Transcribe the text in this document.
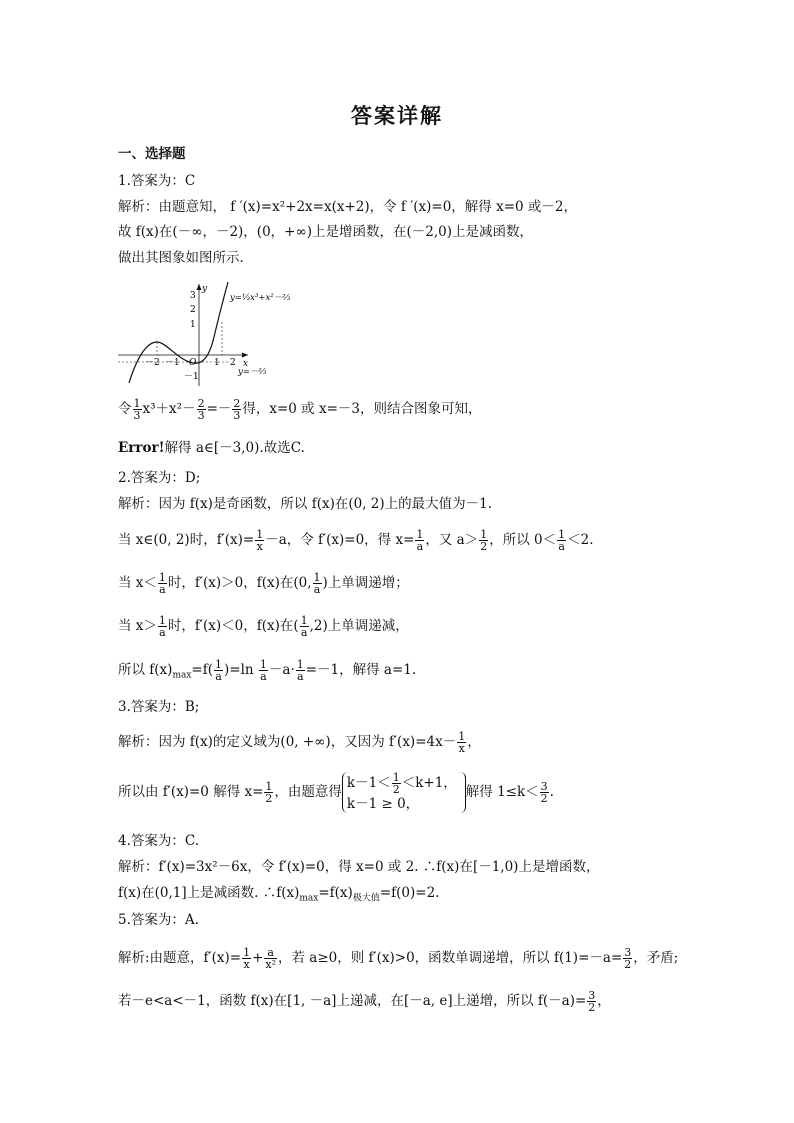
答案详解
一、选择题
1.答案为：C
解析：由题意知， f ′(x)=x²+2x=x(x+2)，令 f ′(x)=0，解得 x=0 或－2，
故 f(x)在(－∞，－2)，(0，+∞)上是增函数，在(－2,0)上是减函数，
做出其图象如图所示.
y
x
O
3
2
1
－1
－2 －1	1 2
y=⅓x³+x²－⅔
y=－⅔
令 $\frac{1}{3} x^3+x^2- \frac{2}{3} =- \frac{2}{3}$ 得，x=0 或 x=－3，则结合图象可知，
Error!解得 a∈[－3,0).故选C.
2.答案为：D;
解析：因为 f(x)是奇函数，所以 f(x)在(0, 2)上的最大值为－1.
当 x∈(0, 2)时，$f'(x)= \frac{1}{x} -a$，令 f′(x)=0，得 $x= \frac{1}{a}$ ，又 $a> \frac{1}{2}$ ，所以 $0< \frac{1}{a} <2$.
当 $x< \frac{1}{a}$ 时，f′(x)＞0，f(x)在(0, $\frac{1}{a}$ )上单调递增；
当 $x> \frac{1}{a}$ 时，f′(x)＜0，f(x)在( $\frac{1}{a} ,2$)上单调递减，
所以 $f(x)_{max}=f( \frac{1}{a} )=\ln \frac{1}{a} -a\cdot \frac{1}{a} =-1$，解得 a=1.
3.答案为：B;
解析：因为 f(x)的定义域为(0, +∞)，又因为 $f'(x)=4x- \frac{1}{x}$ ，
所以由 f′(x)=0 解得 $x= \frac{1}{2}$ ，由题意得$k-1< \frac{1}{2} <k+1$，
k－1 ≥ 0，解得 $1\le k< \frac{3}{2}$ .
4.答案为：C.
解析：f′(x)=3x²－6x，令 f′(x)=0，得 x=0 或 2. ∴f(x)在[－1,0)上是增函数，
f(x)在(0,1]上是减函数. $\therefore f(x)_{max}=f(x)_{极大值}=f(0)=2$.
5.答案为：A.
解析:由题意，$f'(x)= \frac{1}{x} + \frac{a}{\text{x²}}$ ，若 a≥0，则 f′(x)>0，函数单调递增，所以 $f(1)=-a= \frac{3}{2}$ ，矛盾;
若－e<a<－1，函数 f(x)在[1, －a]上递减，在[－a, e]上递增，所以 $f(-a)= \frac{3}{2}$ ，
